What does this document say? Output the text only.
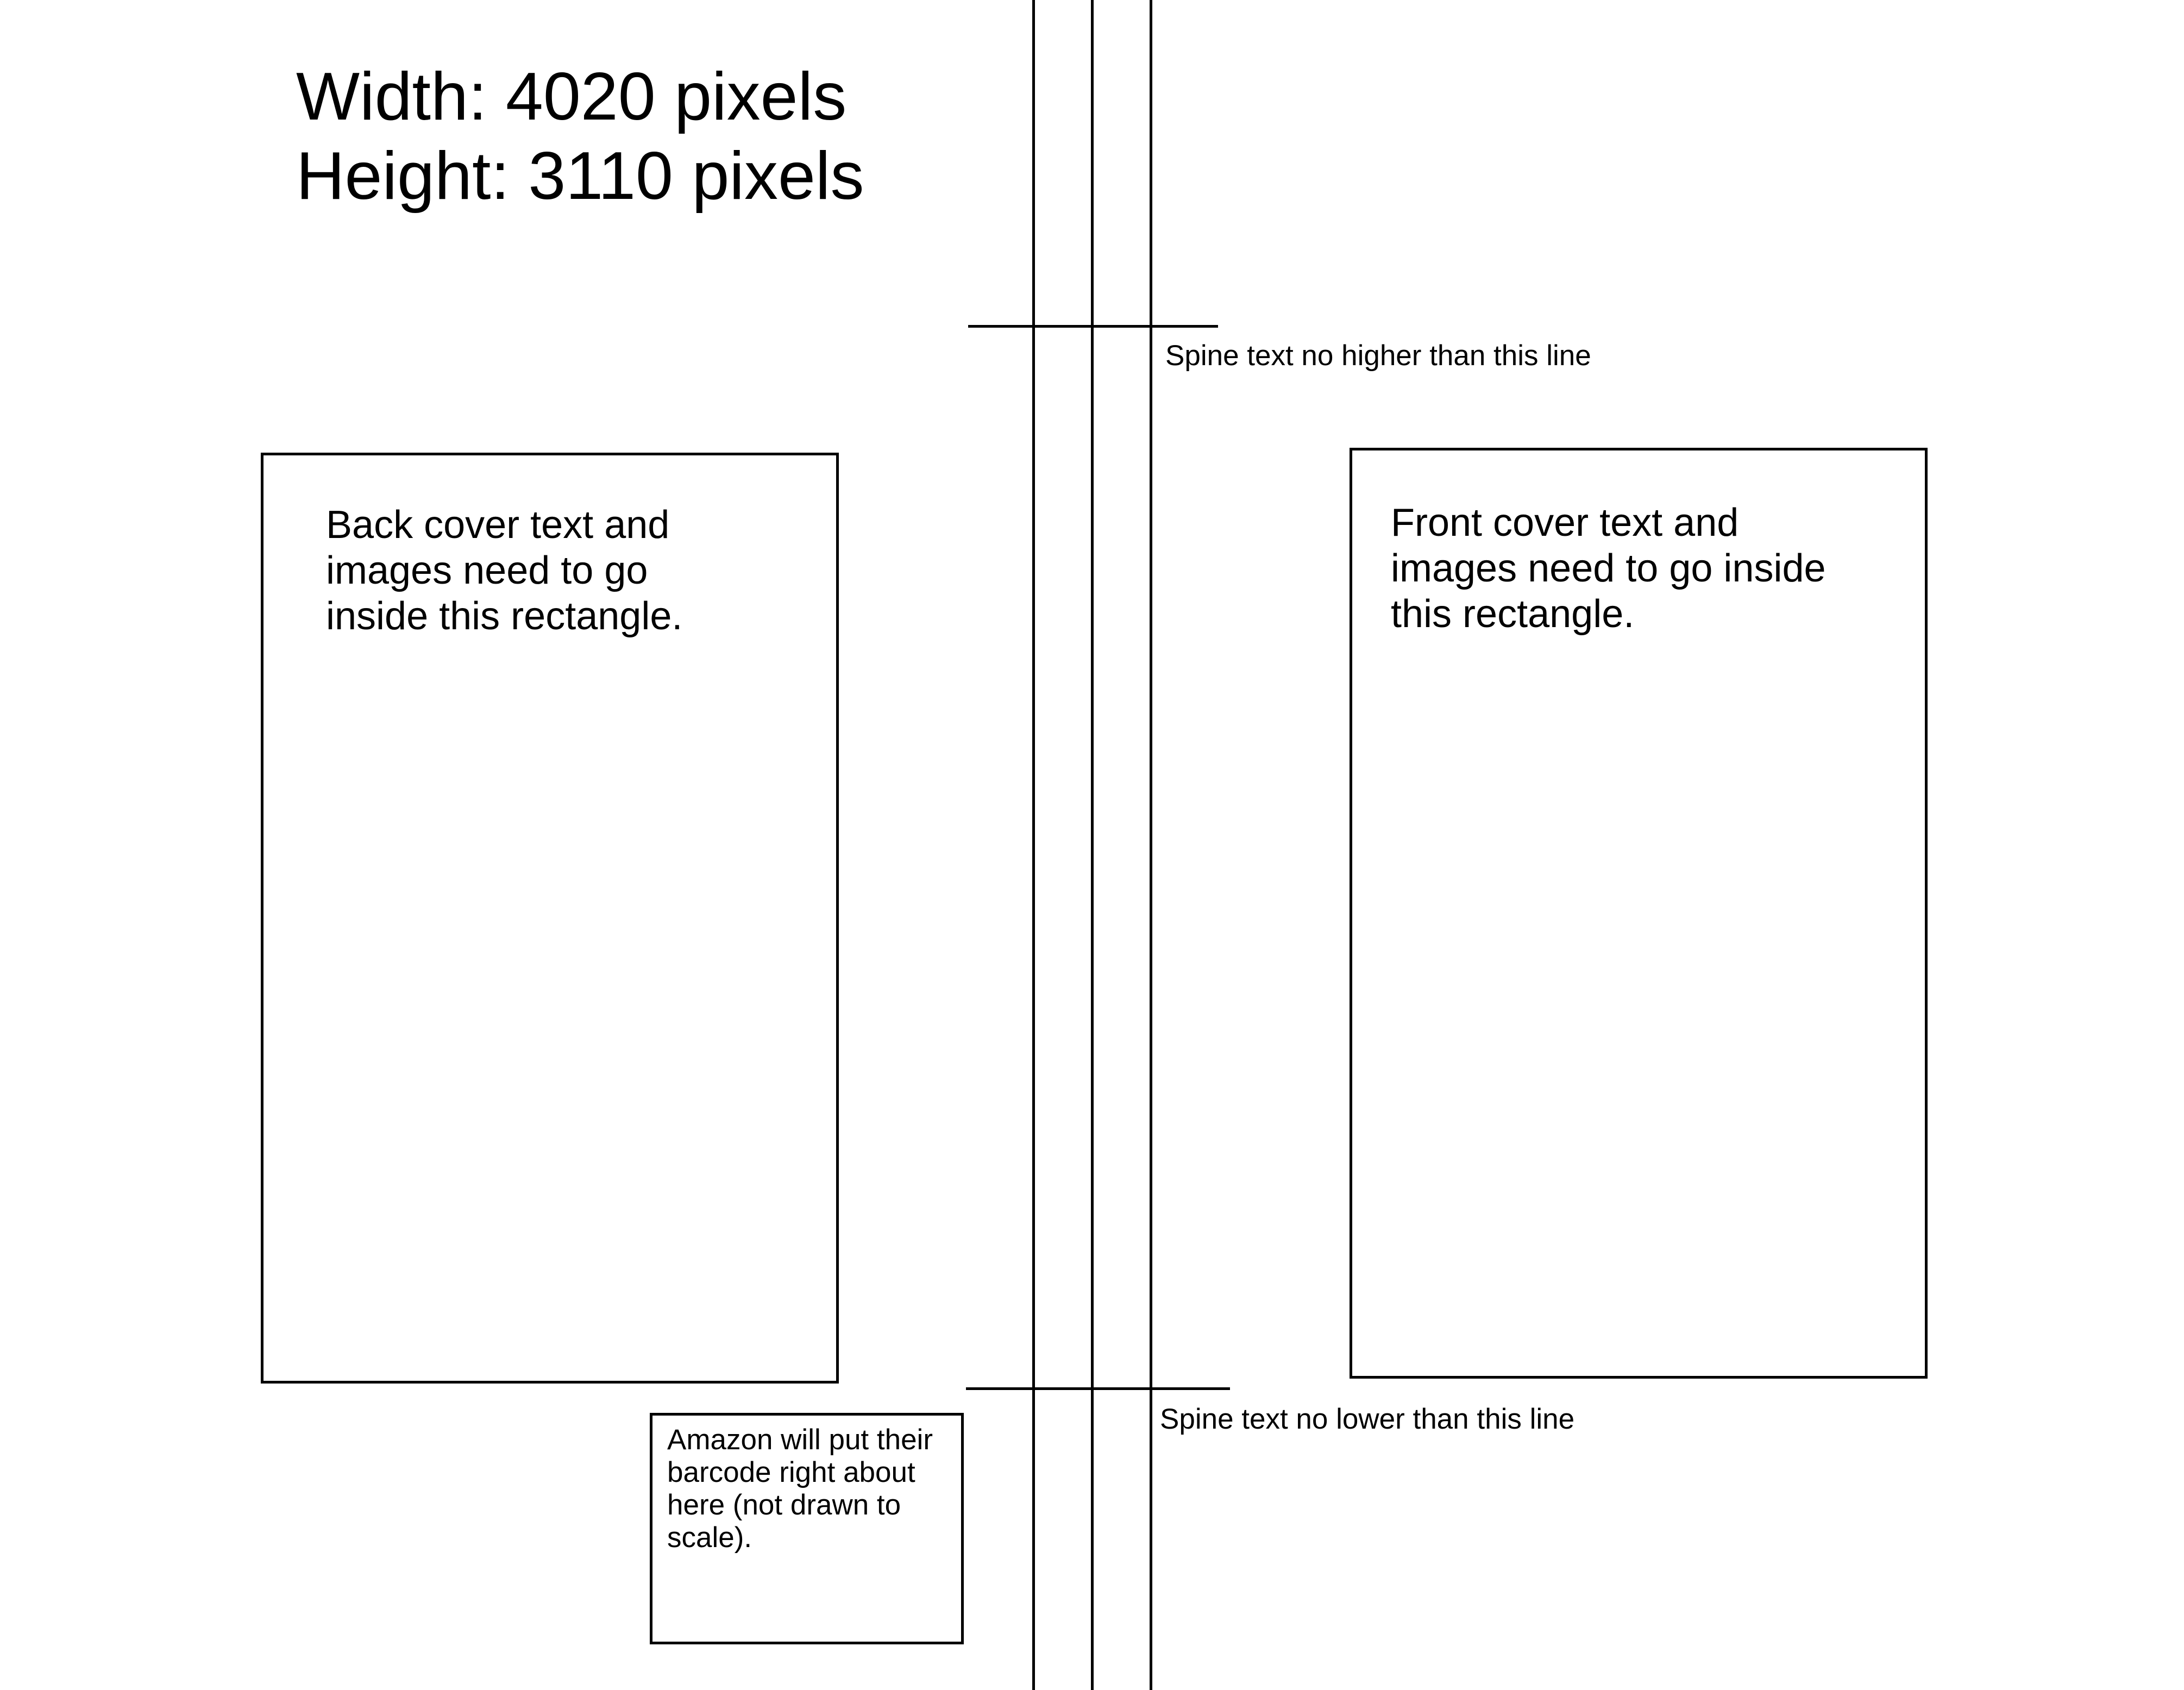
Width: 4020 pixels
Height: 3110 pixels
Spine text no higher than this line
Spine text no lower than this line
Back cover text and
images need to go
inside this rectangle.
Front cover text and
images need to go inside
this rectangle.
Amazon will put their
barcode right about
here (not drawn to
scale).
